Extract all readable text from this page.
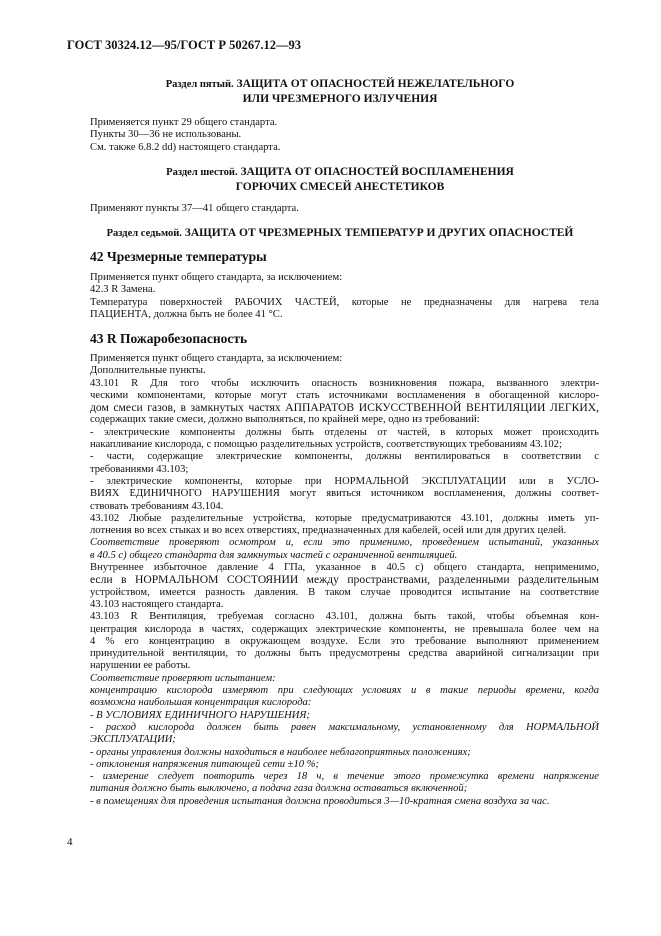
ГОСТ 30324.12—95/ГОСТ Р 50267.12—93
Раздел пятый. ЗАЩИТА ОТ ОПАСНОСТЕЙ НЕЖЕЛАТЕЛЬНОГО
ИЛИ ЧРЕЗМЕРНОГО ИЗЛУЧЕНИЯ

Применяется пункт 29 общего стандарта.

Пункты 30—36 не использованы.

См. также 6.8.2 dd) настоящего стандарта.

Раздел шестой. ЗАЩИТА ОТ ОПАСНОСТЕЙ ВОСПЛАМЕНЕНИЯ
ГОРЮЧИХ СМЕСЕЙ АНЕСТЕТИКОВ

Применяют пункты 37—41 общего стандарта.

Раздел седьмой. ЗАЩИТА ОТ ЧРЕЗМЕРНЫХ ТЕМПЕРАТУР И ДРУГИХ ОПАСНОСТЕЙ
42 Чрезмерные температуры

Применяется пункт общего стандарта, за исключением:

42.3 R Замена.

Температура поверхностей РАБОЧИХ ЧАСТЕЙ, которые не предназначены для нагрева тела

ПАЦИЕНТА, должна быть не более 41 °С.

43 R Пожаробезопасность

Применяется пункт общего стандарта, за исключением:

Дополнительные пункты.

43.101 R Для того чтобы исключить опасность возникновения пожара, вызванного электри-

ческими компонентами, которые могут стать источниками воспламенения в обогащенной кислоро-

дом смеси газов, в замкнутых частях АППАРАТОВ ИСКУССТВЕННОЙ ВЕНТИЛЯЦИИ ЛЕГКИХ,

содержащих такие смеси, должно выполняться, по крайней мере, одно из требований:

- электрические компоненты должны быть отделены от частей, в которых может происходить

накапливание кислорода, с помощью разделительных устройств, соответствующих требованиям 43.102;

- части, содержащие электрические компоненты, должны вентилироваться в соответствии с

требованиями 43.103;

- электрические компоненты, которые при НОРМАЛЬНОЙ ЭКСПЛУАТАЦИИ или в УСЛО-

ВИЯХ ЕДИНИЧНОГО НАРУШЕНИЯ могут явиться источником воспламенения, должны соответ-

ствовать требованиям 43.104.

43.102 Любые разделительные устройства, которые предусматриваются 43.101, должны иметь уп-

лотнения во всех стыках и во всех отверстиях, предназначенных для кабелей, осей или для других целей.

Соответствие проверяют осмотром и, если это применимо, проведением испытаний, указанных

в 40.5 с) общего стандарта для замкнутых частей с ограниченной вентиляцией.

Внутреннее избыточное давление 4 ГПа, указанное в 40.5 с) общего стандарта, неприменимо,

если в НОРМАЛЬНОМ СОСТОЯНИИ между пространствами, разделенными разделительным

устройством, имеется разность давления. В таком случае проводится испытание на соответствие

43.103 настоящего стандарта.

43.103 R Вентиляция, требуемая согласно 43.101, должна быть такой, чтобы объемная кон-

центрация кислорода в частях, содержащих электрические компоненты, не превышала более чем на

4 % его концентрацию в окружающем воздухе. Если это требование выполняют применением

принудительной вентиляции, то должны быть предусмотрены средства аварийной сигнализации при

нарушении ее работы.

Соответствие проверяют испытанием:

концентрацию кислорода измеряют при следующих условиях и в такие периоды времени, когда

возможна наибольшая концентрация кислорода:

- В УСЛОВИЯХ ЕДИНИЧНОГО НАРУШЕНИЯ;

- расход кислорода должен быть равен максимальному, установленному для НОРМАЛЬНОЙ

ЭКСПЛУАТАЦИИ;

- органы управления должны находиться в наиболее неблагоприятных положениях;

- отклонения напряжения питающей сети ±10 %;

- измерение следует повторить через 18 ч, в течение этого промежутка времени напряжение

питания должно быть выключено, а подача газа должна оставаться включенной;

- в помещениях для проведения испытания должна проводиться 3—10-кратная смена воздуха за час.

4
